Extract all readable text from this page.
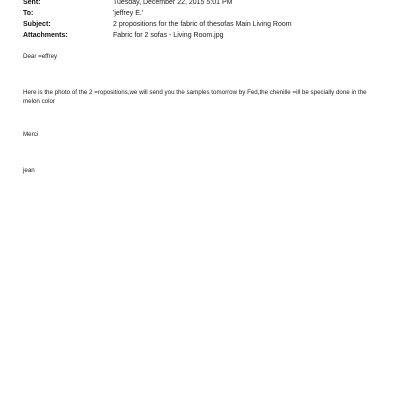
Sent:	Tuesday, December 22, 2015 5:01 PM
To:	'jeffrey E.'
Subject:	2 propositions for the fabric of thesofas Main Living Room
Attachments:	Fabric for 2 sofas - Living Room.jpg

Dear =effrey

Here is the photo of the 2 =ropositions,we will send you the samples tomorrow by Fed,the chenille =ill be specially done in the melon color

Merci

jean
